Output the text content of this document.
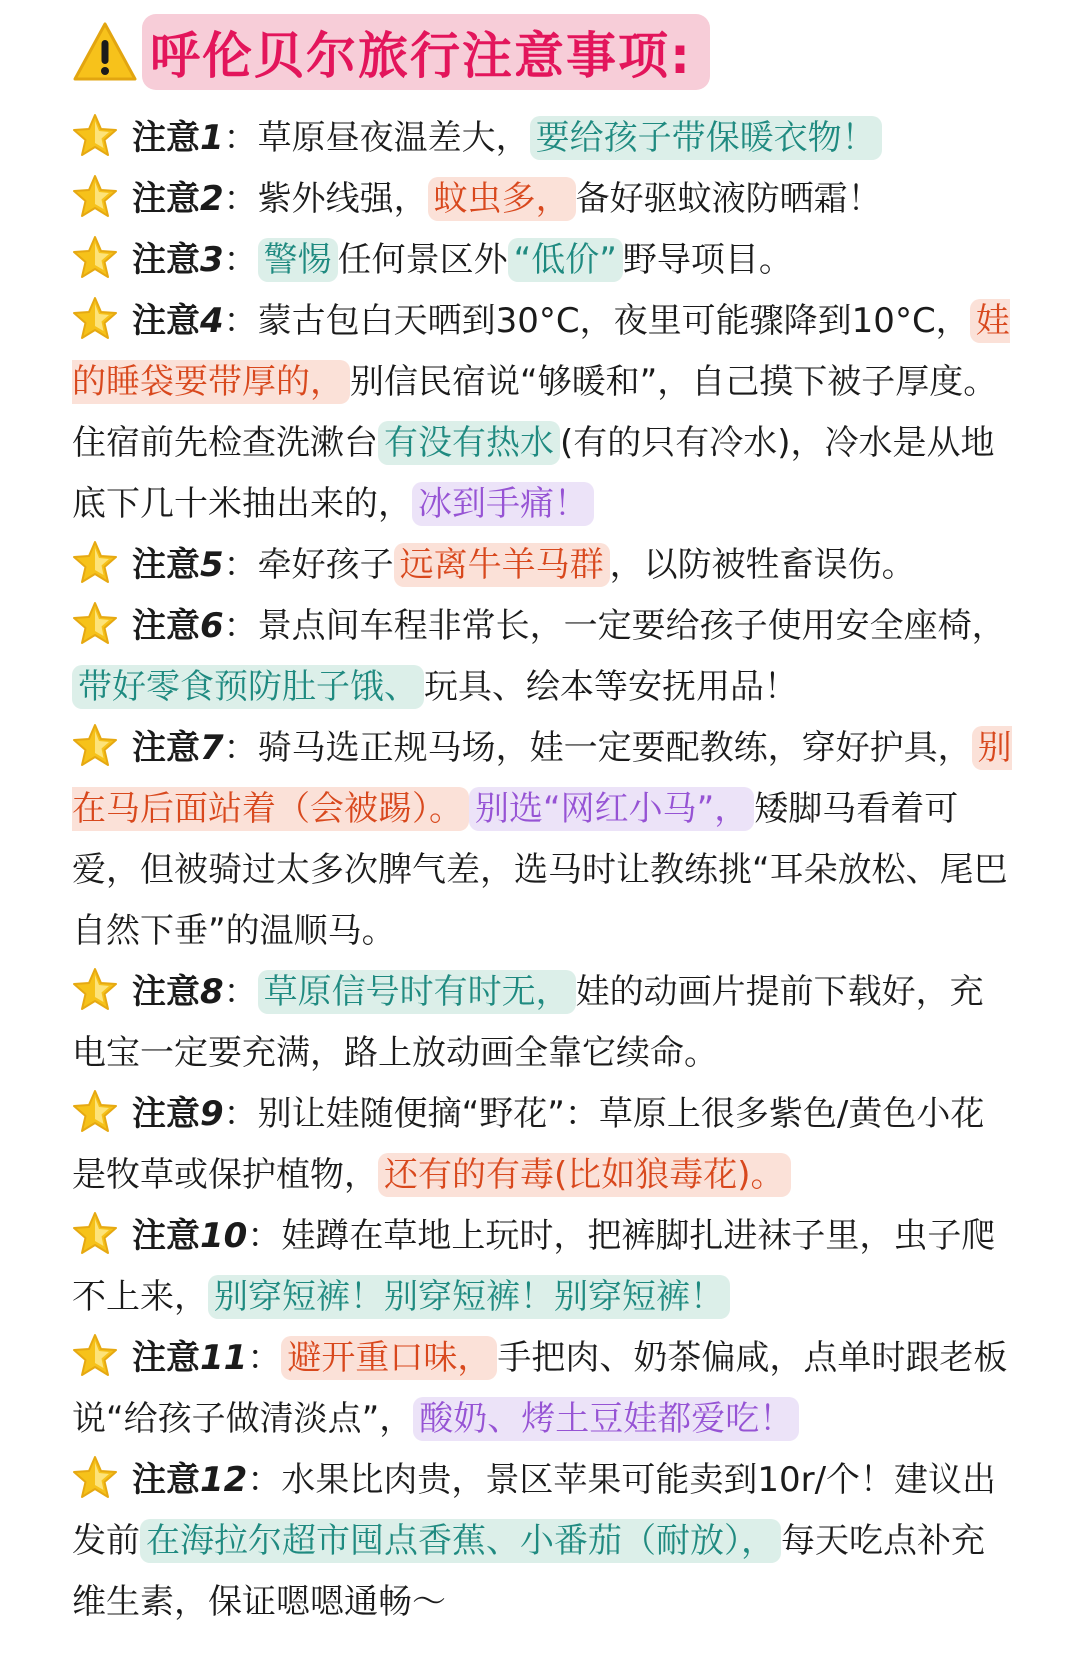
呼伦贝尔旅行注意事项:

注意1：草原昼夜温差大， 要给孩子带保暖衣物！

注意2：紫外线强， 蚊虫多， 备好驱蚊液防晒霜！

注意3： 警惕 任何景区外 “低价” 野导项目。

注意4：蒙古包白天晒到30°C，夜里可能骤降到10°C， 娃的睡袋要带厚的， 别信民宿说“够暖和”，自己摸下被子厚度。住宿前先检查洗漱台 有没有热水 (有的只有冷水)，冷水是从地底下几十米抽出来的， 冰到手痛！

注意5：牵好孩子 远离牛羊马群 ，以防被牲畜误伤。

注意6：景点间车程非常长，一定要给孩子使用安全座椅，带好零食预防肚子饿、 玩具、绘本等安抚用品！

注意7：骑马选正规马场，娃一定要配教练，穿好护具， 别在马后面站着（会被踢）。 别选“网红小马”， 矮脚马看着可爱，但被骑过太多次脾气差，选马时让教练挑“耳朵放松、尾巴自然下垂”的温顺马。

注意8： 草原信号时有时无， 娃的动画片提前下载好，充电宝一定要充满，路上放动画全靠它续命。

注意9：别让娃随便摘“野花”：草原上很多紫色/黄色小花是牧草或保护植物， 还有的有毒(比如狼毒花)。

注意10：娃蹲在草地上玩时，把裤脚扎进袜子里，虫子爬不上来， 别穿短裤！别穿短裤！别穿短裤！

注意11： 避开重口味， 手把肉、奶茶偏咸，点单时跟老板说“给孩子做清淡点”， 酸奶、烤土豆娃都爱吃！

注意12：水果比肉贵，景区苹果可能卖到10r/个！建议出发前 在海拉尔超市囤点香蕉、小番茄（耐放）， 每天吃点补充维生素，保证嗯嗯通畅～
